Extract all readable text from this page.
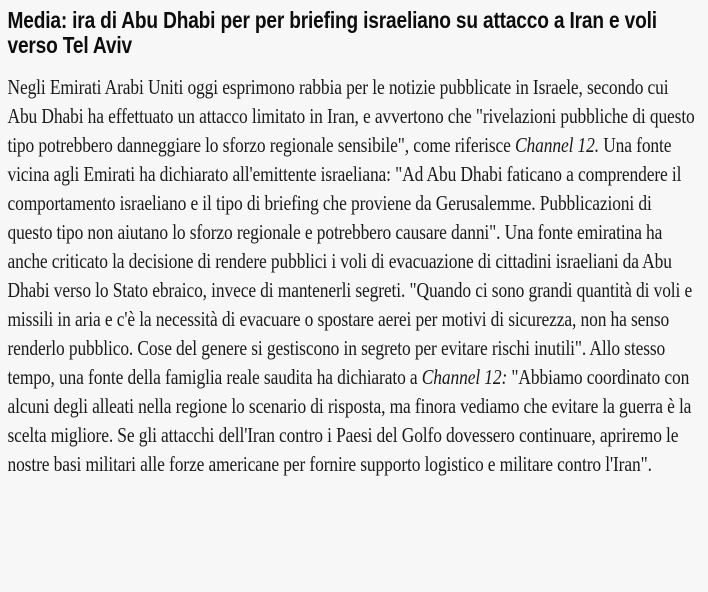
Media: ira di Abu Dhabi per per briefing israeliano su attacco a Iran e voli verso Tel Aviv

Negli Emirati Arabi Uniti oggi esprimono rabbia per le notizie pubblicate in Israele, secondo cui Abu Dhabi ha effettuato un attacco limitato in Iran, e avvertono che "rivelazioni pubbliche di questo tipo potrebbero danneggiare lo sforzo regionale sensibile", come riferisce Channel 12. Una fonte vicina agli Emirati ha dichiarato all'emittente israeliana: "Ad Abu Dhabi faticano a comprendere il comportamento israeliano e il tipo di briefing che proviene da Gerusalemme. Pubblicazioni di questo tipo non aiutano lo sforzo regionale e potrebbero causare danni". Una fonte emiratina ha anche criticato la decisione di rendere pubblici i voli di evacuazione di cittadini israeliani da Abu Dhabi verso lo Stato ebraico, invece di mantenerli segreti. "Quando ci sono grandi quantità di voli e missili in aria e c'è la necessità di evacuare o spostare aerei per motivi di sicurezza, non ha senso renderlo pubblico. Cose del genere si gestiscono in segreto per evitare rischi inutili". Allo stesso tempo, una fonte della famiglia reale saudita ha dichiarato a Channel 12: "Abbiamo coordinato con alcuni degli alleati nella regione lo scenario di risposta, ma finora vediamo che evitare la guerra è la scelta migliore. Se gli attacchi dell'Iran contro i Paesi del Golfo dovessero continuare, apriremo le nostre basi militari alle forze americane per fornire supporto logistico e militare contro l'Iran".
